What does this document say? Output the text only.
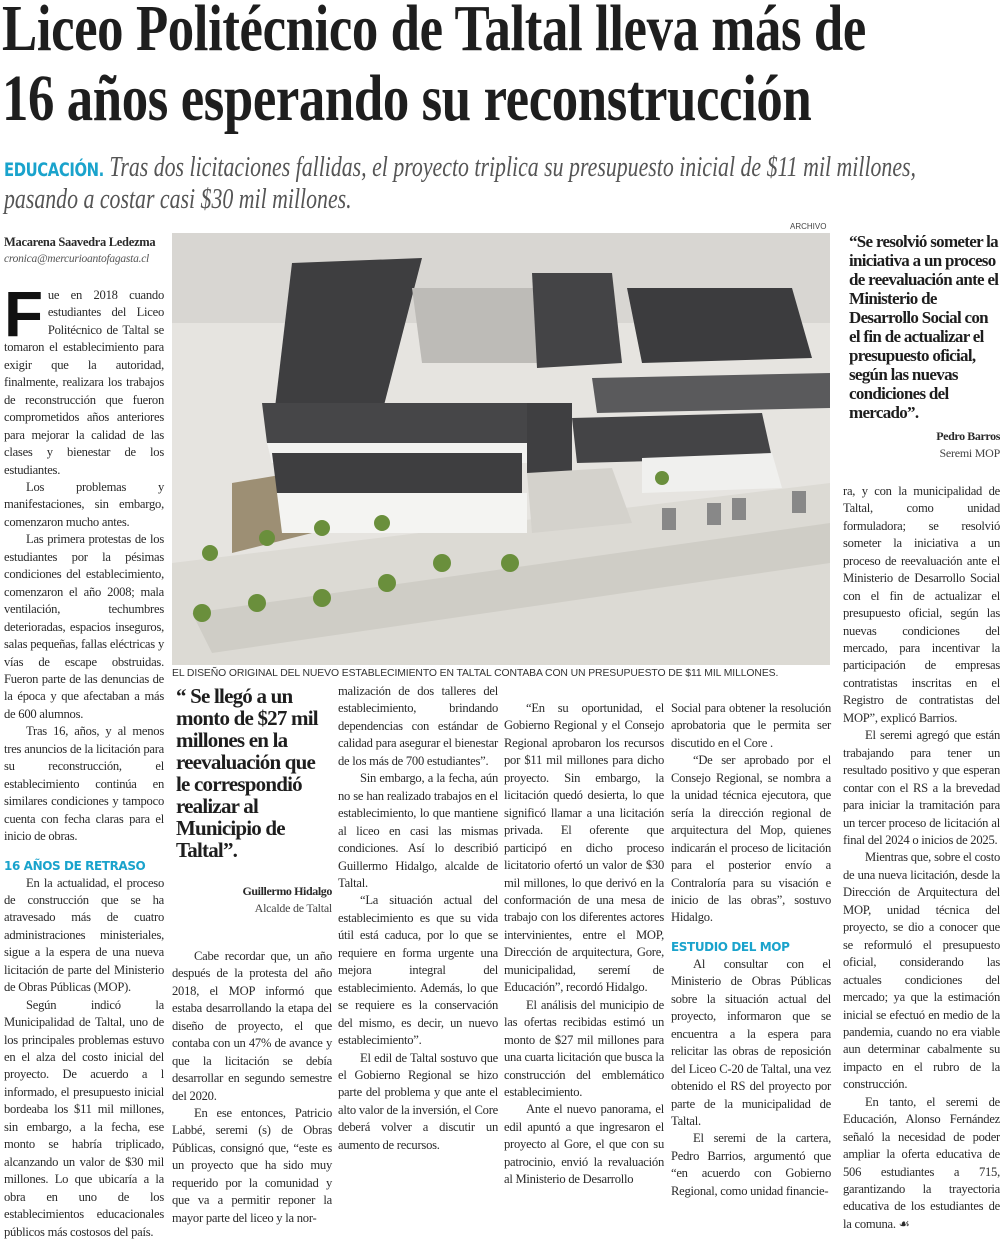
Liceo Politécnico de Taltal lleva más de
16 años esperando su reconstrucción
EDUCACIÓN. Tras dos licitaciones fallidas, el proyecto triplica su presupuesto inicial de $11 mil millones, pasando a costar casi $30 mil millones.
Macarena Saavedra Ledezma
cronica@mercurioantofagasta.cl
F ue en 2018 cuando estudiantes del Liceo Politécnico de Taltal se tomaron el establecimiento para exigir que la autoridad, finalmente, realizara los trabajos de reconstrucción que fueron comprometidos años anteriores para mejorar la calidad de las clases y bienestar de los estudiantes.

Los problemas y manifestaciones, sin embargo, comenzaron mucho antes.

Las primera protestas de los estudiantes por la pésimas condiciones del establecimiento, comenzaron el año 2008; mala ventilación, techumbres deterioradas, espacios inseguros, salas pequeñas, fallas eléctricas y vías de escape obstruidas. Fueron parte de las denuncias de la época y que afectaban a más de 600 alumnos.

Tras 16, años, y al menos tres anuncios de la licitación para su reconstrucción, el establecimiento continúa en similares condiciones y tampoco cuenta con fecha claras para el inicio de obras.

16 AÑOS DE RETRASO

En la actualidad, el proceso de construcción que se ha atravesado más de cuatro administraciones ministeriales, sigue a la espera de una nueva licitación de parte del Ministerio de Obras Públicas (MOP).

Según indicó la Municipalidad de Taltal, uno de los principales problemas estuvo en el alza del costo inicial del proyecto. De acuerdo a l informado, el presupuesto inicial bordeaba los $11 mil millones, sin embargo, a la fecha, ese monto se habría triplicado, alcanzando un valor de $30 mil millones. Lo que ubicaría a la obra en uno de los establecimientos educacionales públicos más costosos del país.

ARCHIVO
EL DISEÑO ORIGINAL DEL NUEVO ESTABLECIMIENTO EN TALTAL CONTABA CON UN PRESUPUESTO DE $11 MIL MILLONES.
“ Se llegó a un monto de $27 mil millones en la reevaluación que le correspondió realizar al Municipio de Taltal”.
Guillermo Hidalgo
Alcalde de Taltal

Cabe recordar que, un año después de la protesta del año 2018, el MOP informó que estaba desarrollando la etapa del diseño de proyecto, el que contaba con un 47% de avance y que la licitación se debía desarrollar en segundo semestre del 2020.

En ese entonces, Patricio Labbé, seremi (s) de Obras Públicas, consignó que, “este es un proyecto que ha sido muy requerido por la comunidad y que va a permitir reponer la mayor parte del liceo y la nor-

malización de dos talleres del establecimiento, brindando dependencias con estándar de calidad para asegurar el bienestar de los más de 700 estudiantes”.

Sin embargo, a la fecha, aún no se han realizado trabajos en el establecimiento, lo que mantiene al liceo en casi las mismas condiciones. Así lo describió Guillermo Hidalgo, alcalde de Taltal.

“La situación actual del establecimiento es que su vida útil está caduca, por lo que se requiere en forma urgente una mejora integral del establecimiento. Además, lo que se requiere es la conservación del mismo, es decir, un nuevo establecimiento”.

El edil de Taltal sostuvo que el Gobierno Regional se hizo parte del problema y que ante el alto valor de la inversión, el Core deberá volver a discutir un aumento de recursos.

“En su oportunidad, el Gobierno Regional y el Consejo Regional aprobaron los recursos por $11 mil millones para dicho proyecto. Sin embargo, la licitación quedó desierta, lo que significó llamar a una licitación privada. El oferente que participó en dicho proceso licitatorio ofertó un valor de $30 mil millones, lo que derivó en la conformación de una mesa de trabajo con los diferentes actores intervinientes, entre el MOP, Dirección de arquitectura, Gore, municipalidad, seremí de Educación”, recordó Hidalgo.

El análisis del municipio de las ofertas recibidas estimó un monto de $27 mil millones para una cuarta licitación que busca la construcción del emblemático establecimiento.

Ante el nuevo panorama, el edil apuntó a que ingresaron el proyecto al Gore, el que con su patrocinio, envió la revaluación al Ministerio de Desarrollo

Social para obtener la resolución aprobatoria que le permita ser discutido en el Core .

“De ser aprobado por el Consejo Regional, se nombra a la unidad técnica ejecutora, que sería la dirección regional de arquitectura del Mop, quienes indicarán el proceso de licitación para el posterior envío a Contraloría para su visación e inicio de las obras”, sostuvo Hidalgo.

ESTUDIO DEL MOP

Al consultar con el Ministerio de Obras Públicas sobre la situación actual del proyecto, informaron que se encuentra a la espera para relicitar las obras de reposición del Liceo C-20 de Taltal, una vez obtenido el RS del proyecto por parte de la municipalidad de Taltal.

El seremi de la cartera, Pedro Barrios, argumentó que “en acuerdo con Gobierno Regional, como unidad financie-

“Se resolvió someter la iniciativa a un proceso de reevaluación ante el Ministerio de Desarrollo Social con el fin de actualizar el presupuesto oficial, según las nuevas condiciones del mercado”.
Pedro Barros
Seremi MOP

ra, y con la municipalidad de Taltal, como unidad formuladora; se resolvió someter la iniciativa a un proceso de reevaluación ante el Ministerio de Desarrollo Social con el fin de actualizar el presupuesto oficial, según las nuevas condiciones del mercado, para incentivar la participación de empresas contratistas inscritas en el Registro de contratistas del MOP”, explicó Barrios.

El seremi agregó que están trabajando para tener un resultado positivo y que esperan contar con el RS a la brevedad para iniciar la tramitación para un tercer proceso de licitación al final del 2024 o inicios de 2025.

Mientras que, sobre el costo de una nueva licitación, desde la Dirección de Arquitectura del MOP, unidad técnica del proyecto, se dio a conocer que se reformuló el presupuesto oficial, considerando las actuales condiciones del mercado; ya que la estimación inicial se efectuó en medio de la pandemia, cuando no era viable aun determinar cabalmente su impacto en el rubro de la construcción.

En tanto, el seremi de Educación, Alonso Fernández señaló la necesidad de poder ampliar la oferta educativa de 506 estudiantes a 715, garantizando la trayectoria educativa de los estudiantes de la comuna. ☙
